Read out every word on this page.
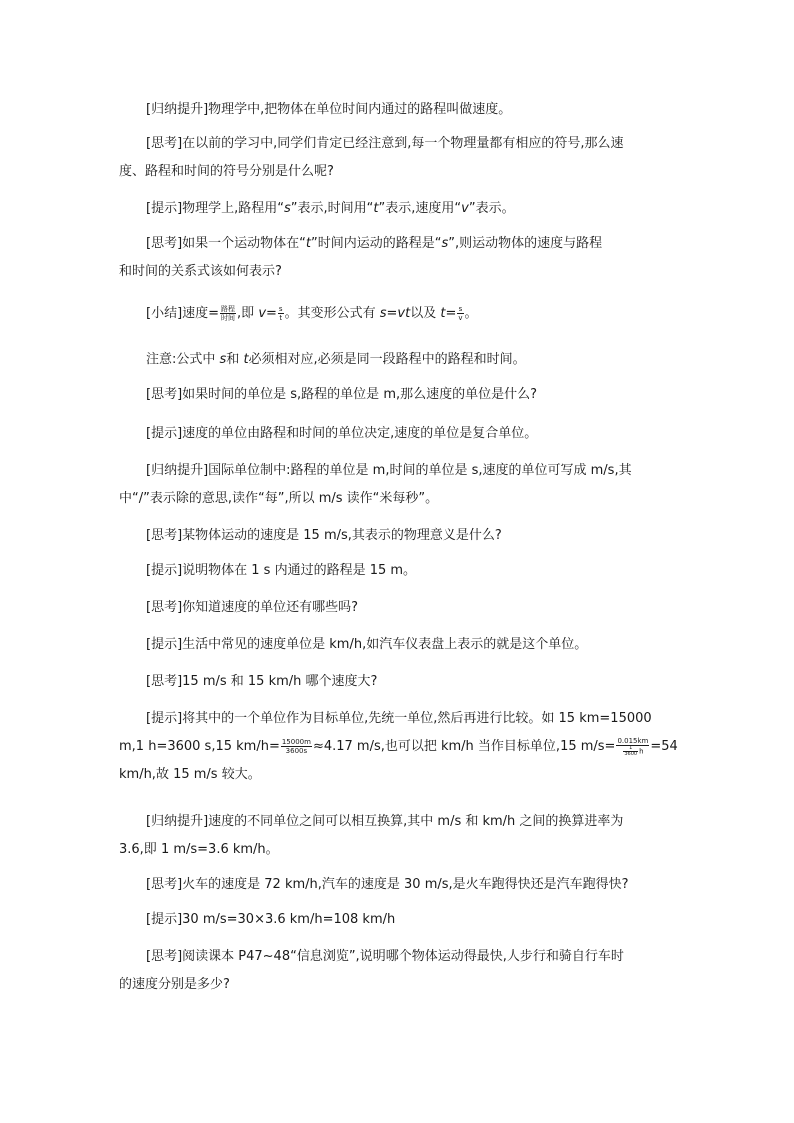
[归纳提升]物理学中,把物体在单位时间内通过的路程叫做速度。

[思考]在以前的学习中,同学们肯定已经注意到,每一个物理量都有相应的符号,那么速
度、路程和时间的符号分别是什么呢?

[提示]物理学上,路程用“s”表示,时间用“t”表示,速度用“v”表示。

[思考]如果一个运动物体在“t”时间内运动的路程是“s”,则运动物体的速度与路程
和时间的关系式该如何表示?

[小结]速度= $\frac{\text{路程}}{\text{时间}}$ ,即 $v= \frac{s}{t}$ 。其变形公式有 s=vt以及 $t= \frac{s}{v}$ 。

注意:公式中 s和 t必须相对应,必须是同一段路程中的路程和时间。

[思考]如果时间的单位是 s,路程的单位是 m,那么速度的单位是什么?

[提示]速度的单位由路程和时间的单位决定,速度的单位是复合单位。

[归纳提升]国际单位制中:路程的单位是 m,时间的单位是 s,速度的单位可写成 m/s,其
中“/”表示除的意思,读作“每”,所以 m/s 读作“米每秒”。

[思考]某物体运动的速度是 15 m/s,其表示的物理意义是什么?

[提示]说明物体在 1 s 内通过的路程是 15 m。

[思考]你知道速度的单位还有哪些吗?

[提示]生活中常见的速度单位是 km/h,如汽车仪表盘上表示的就是这个单位。

[思考]15 m/s 和 15 km/h 哪个速度大?

[提示]将其中的一个单位作为目标单位,先统一单位,然后再进行比较。如 15 km=15000
m,1 h=3600 s,15 $km/h= \frac{15000m}{3600s} \approx 4.17$ m/s,也可以把 km/h 当作目标单位,15 $m/s= \frac{0.015km}{\frac{1}{3600} h} =54$
km/h,故 15 m/s 较大。

[归纳提升]速度的不同单位之间可以相互换算,其中 m/s 和 km/h 之间的换算进率为
3.6,即 1 m/s=3.6 km/h。

[思考]火车的速度是 72 km/h,汽车的速度是 30 m/s,是火车跑得快还是汽车跑得快?

[提示]30 m/s=30×3.6 km/h=108 km/h

[思考]阅读课本 P47~48“信息浏览”,说明哪个物体运动得最快,人步行和骑自行车时
的速度分别是多少?
